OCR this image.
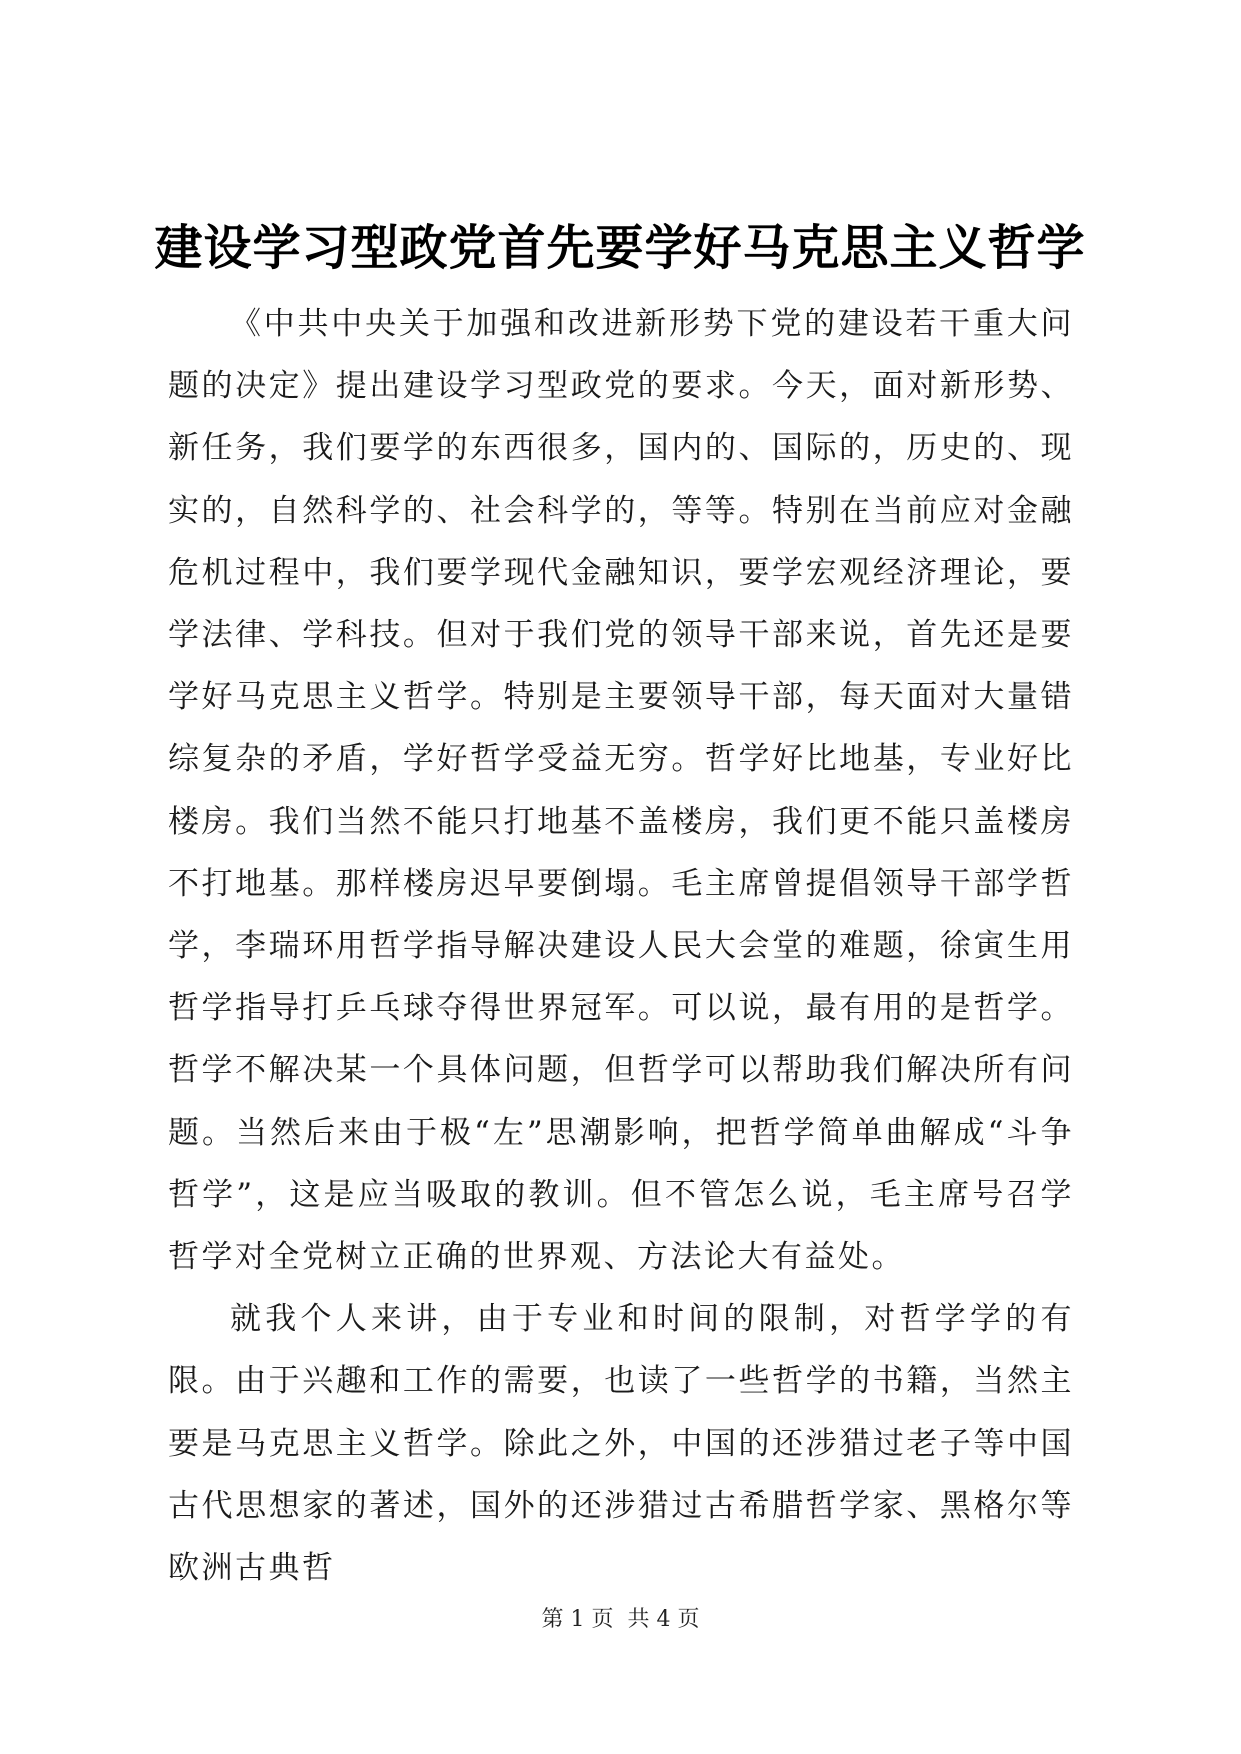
建设学习型政党首先要学好马克思主义哲学

《中共中央关于加强和改进新形势下党的建设若干重大问题的决定》提出建设学习型政党的要求。今天，面对新形势、新任务，我们要学的东西很多，国内的、国际的，历史的、现实的，自然科学的、社会科学的，等等。特别在当前应对金融危机过程中，我们要学现代金融知识，要学宏观经济理论，要学法律、学科技。但对于我们党的领导干部来说，首先还是要学好马克思主义哲学。特别是主要领导干部，每天面对大量错综复杂的矛盾，学好哲学受益无穷。哲学好比地基，专业好比楼房。我们当然不能只打地基不盖楼房，我们更不能只盖楼房不打地基。那样楼房迟早要倒塌。毛主席曾提倡领导干部学哲学，李瑞环用哲学指导解决建设人民大会堂的难题，徐寅生用哲学指导打乒乓球夺得世界冠军。可以说，最有用的是哲学。哲学不解决某一个具体问题，但哲学可以帮助我们解决所有问题。当然后来由于极“左”思潮影响，把哲学简单曲解成“斗争哲学”，这是应当吸取的教训。但不管怎么说，毛主席号召学哲学对全党树立正确的世界观、方法论大有益处。

就我个人来讲，由于专业和时间的限制，对哲学学的有限。由于兴趣和工作的需要，也读了一些哲学的书籍，当然主要是马克思主义哲学。除此之外，中国的还涉猎过老子等中国古代思想家的著述，国外的还涉猎过古希腊哲学家、黑格尔等欧洲古典哲

第 1 页 共 4 页
